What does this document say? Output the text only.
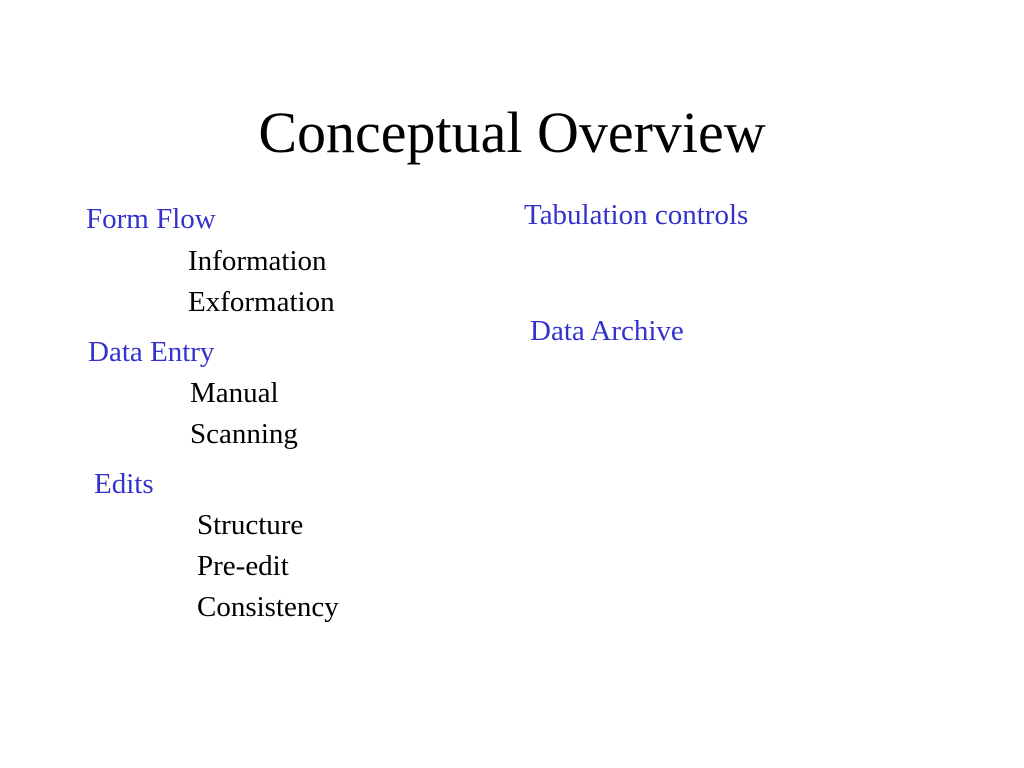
Conceptual Overview
Form Flow
Information
Exformation
Data Entry
Manual
Scanning
Edits
Structure
Pre-edit
Consistency
Tabulation controls
Data Archive
